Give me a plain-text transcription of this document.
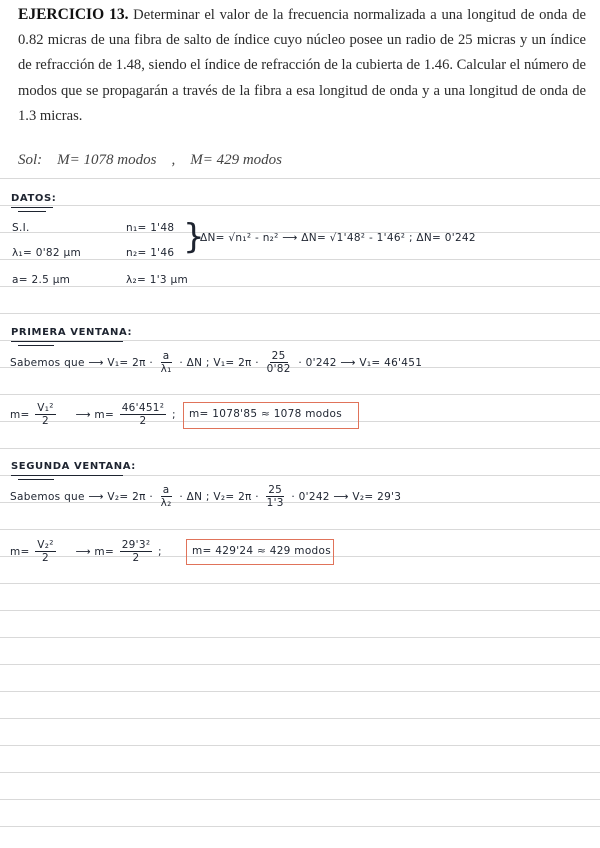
EJERCICIO 13. Determinar el valor de la frecuencia normalizada a una longitud de onda de 0.82 micras de una fibra de salto de índice cuyo núcleo posee un radio de 25 micras y un índice de refracción de 1.48, siendo el índice de refracción de la cubierta de 1.46. Calcular el número de modos que se propagarán a través de la fibra a esa longitud de onda y a una longitud de onda de 1.3 micras.
Sol:    M= 1078 modos    ,    M= 429 modos
DATOS:
S.I.
λ₁= 0'82 μm
a= 2.5 μm
n₁= 1'48
n₂= 1'46
λ₂= 1'3 μm
}
ΔN= √n₁² - n₂² ⟶ ΔN= √1'48² - 1'46² ; ΔN= 0'242
PRIMERA VENTANA:
Sabemos que ⟶ $V_1= 2\pi \cdot \frac{a}{\text{λ₁}} \cdot \Delta N$ ; $V_1= 2\pi \cdot \frac{25}{0'82} \cdot 0'242$ ⟶ V₁= 46'451
$m= \frac{\text{V₁²}}{2}$ ⟶ $m= \frac{\text{46'451²}}{2}$ ; m= 1078'85 ≈ 1078 modos
SEGUNDA VENTANA:
Sabemos que ⟶ $V_2= 2\pi \cdot \frac{a}{\text{λ₂}} \cdot \Delta N$ ; $V_2= 2\pi \cdot \frac{25}{1'3} \cdot 0'242$ ⟶ V₂= 29'3
$m= \frac{\text{V₂²}}{2}$ ⟶ $m= \frac{\text{29'3²}}{2}$ ;	m= 429'24 ≈ 429 modos
